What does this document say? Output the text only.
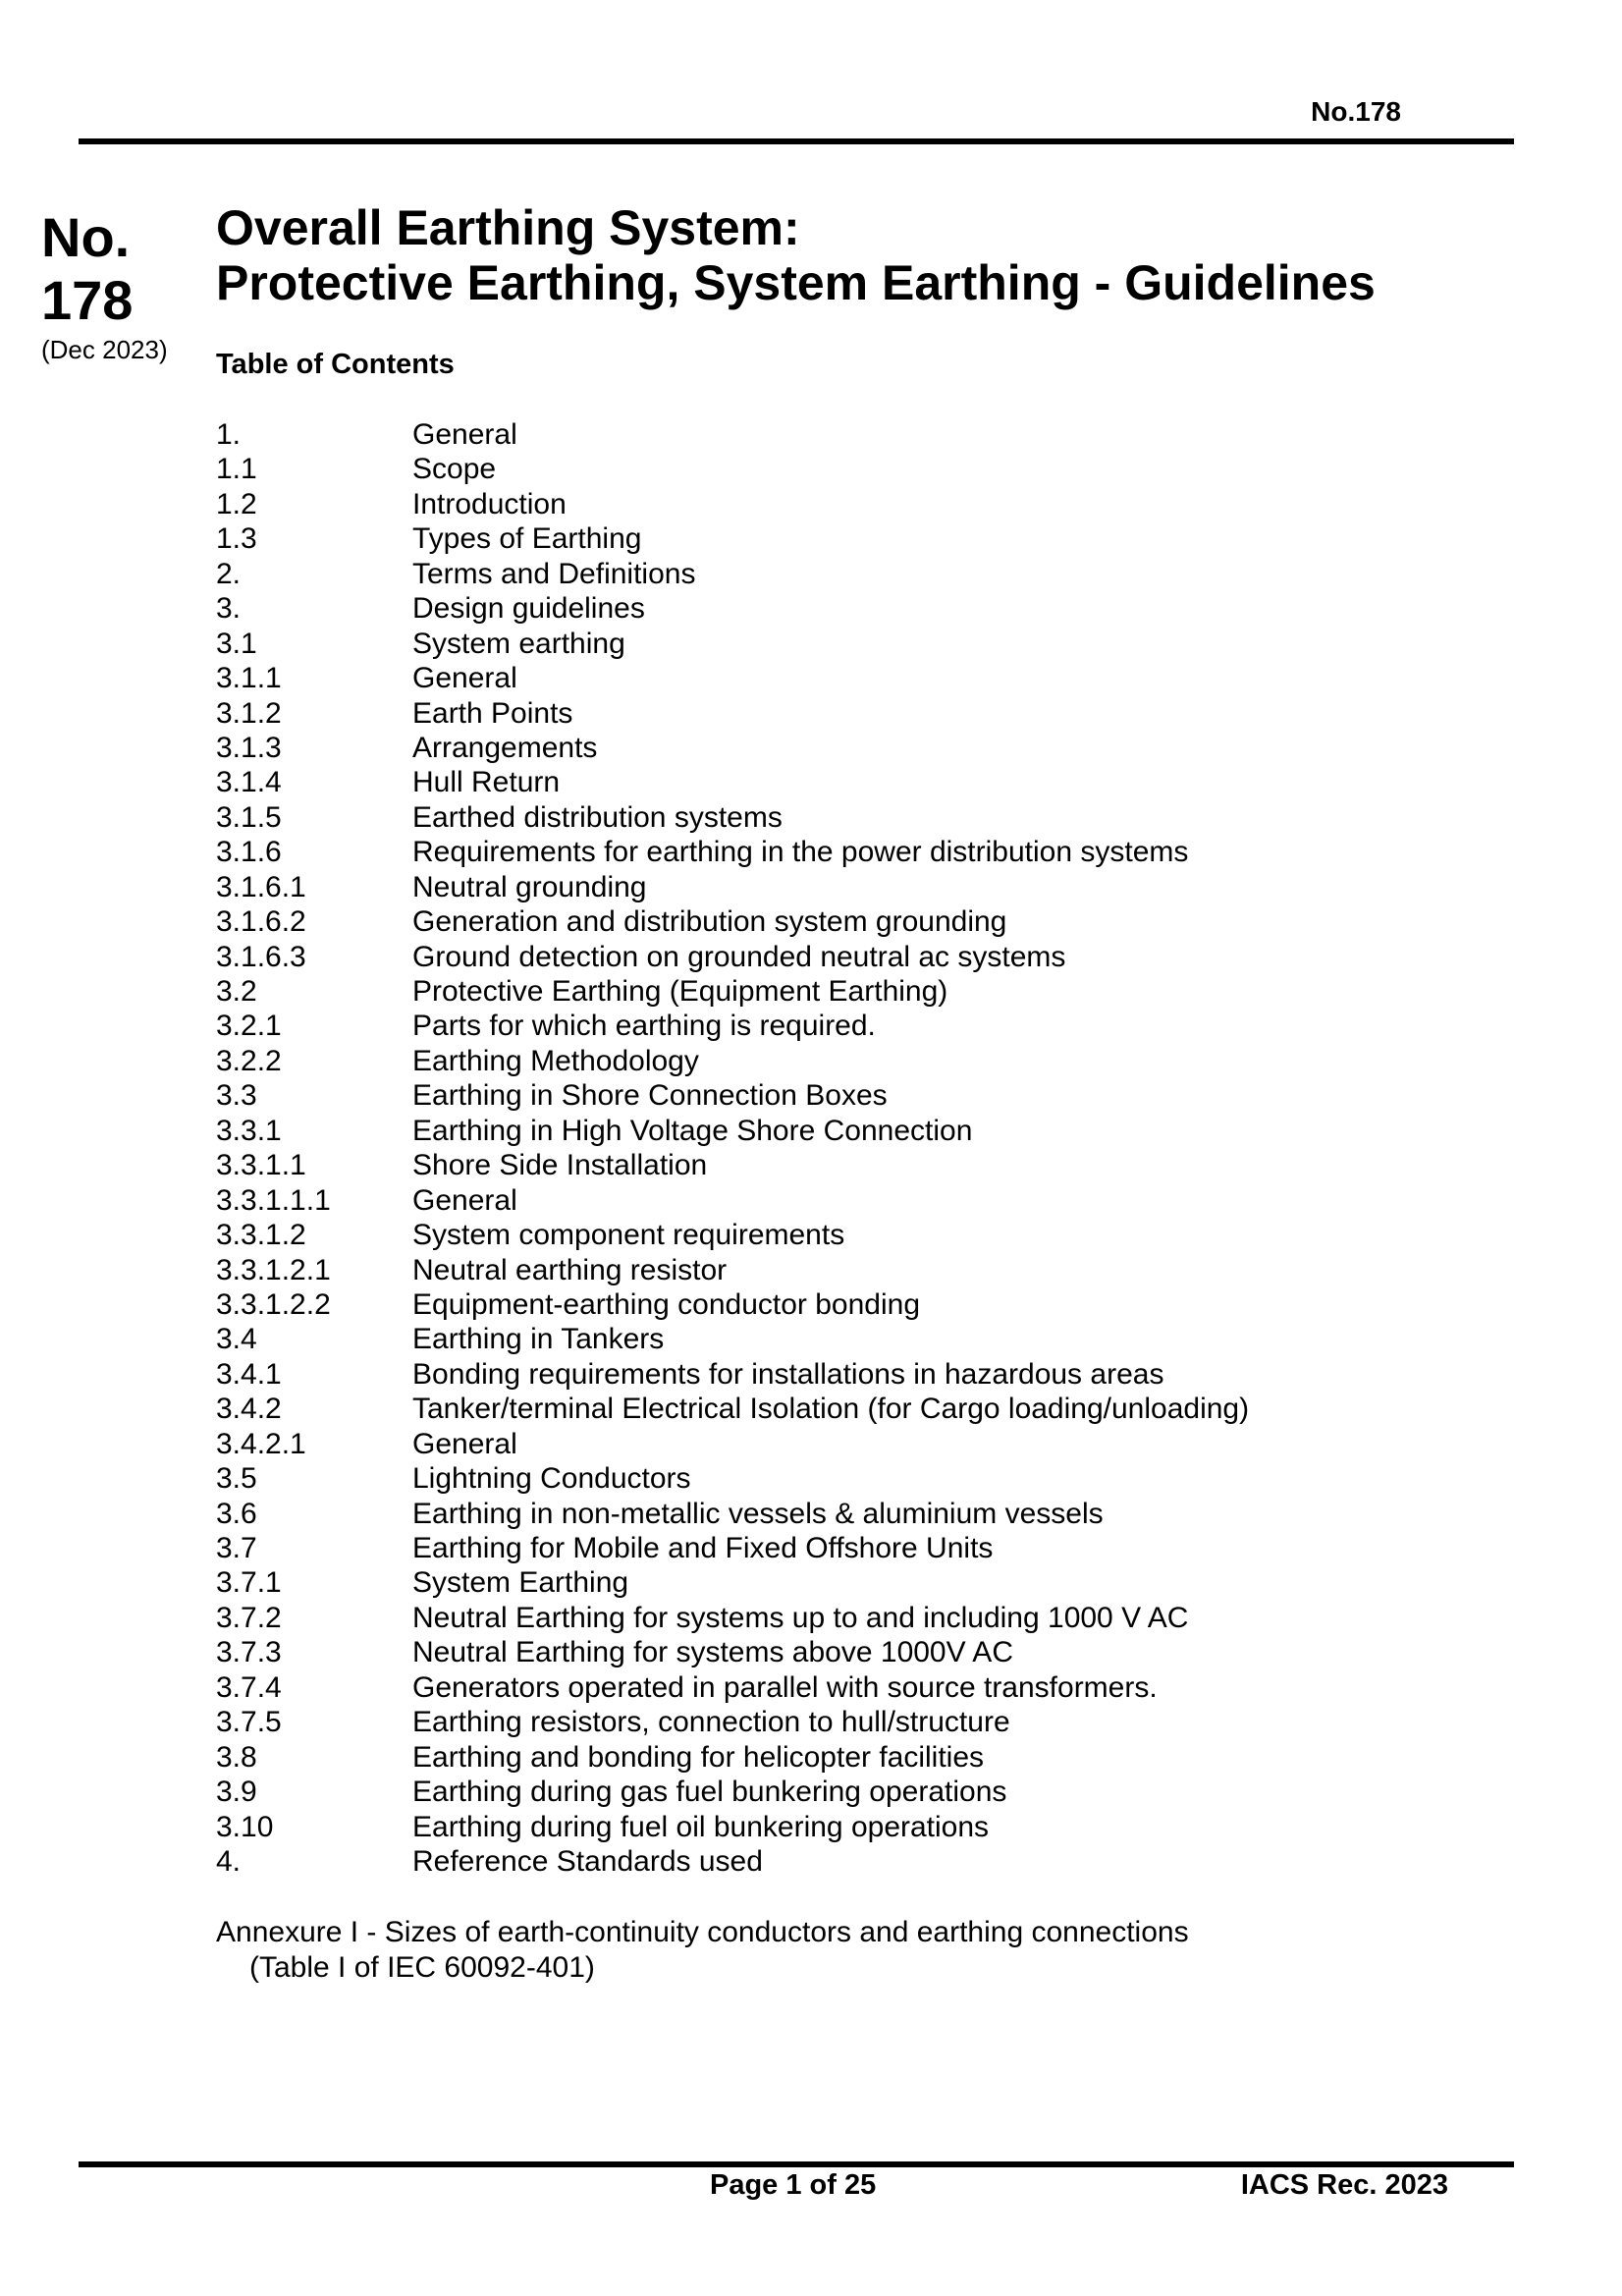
No.178
No.
178
(Dec 2023)
Overall Earthing System:
Protective Earthing, System Earthing - Guidelines
Table of Contents
1.	General
1.1	Scope
1.2	Introduction
1.3	Types of Earthing
2.	Terms and Definitions
3.	Design guidelines
3.1	System earthing
3.1.1	General
3.1.2	Earth Points
3.1.3	Arrangements
3.1.4	Hull Return
3.1.5	Earthed distribution systems
3.1.6	Requirements for earthing in the power distribution systems
3.1.6.1	Neutral grounding
3.1.6.2	Generation and distribution system grounding
3.1.6.3	Ground detection on grounded neutral ac systems
3.2	Protective Earthing (Equipment Earthing)
3.2.1	Parts for which earthing is required.
3.2.2	Earthing Methodology
3.3	Earthing in Shore Connection Boxes
3.3.1	Earthing in High Voltage Shore Connection
3.3.1.1	Shore Side Installation
3.3.1.1.1	General
3.3.1.2	System component requirements
3.3.1.2.1	Neutral earthing resistor
3.3.1.2.2	Equipment-earthing conductor bonding
3.4	Earthing in Tankers
3.4.1	Bonding requirements for installations in hazardous areas
3.4.2	Tanker/terminal Electrical Isolation (for Cargo loading/unloading)
3.4.2.1	General
3.5	Lightning Conductors
3.6	Earthing in non-metallic vessels & aluminium vessels
3.7	Earthing for Mobile and Fixed Offshore Units
3.7.1	System Earthing
3.7.2	Neutral Earthing for systems up to and including 1000 V AC
3.7.3	Neutral Earthing for systems above 1000V AC
3.7.4	Generators operated in parallel with source transformers.
3.7.5	Earthing resistors, connection to hull/structure
3.8	Earthing and bonding for helicopter facilities
3.9	Earthing during gas fuel bunkering operations
3.10	Earthing during fuel oil bunkering operations
4.	Reference Standards used
Annexure I - Sizes of earth-continuity conductors and earthing connections
(Table I of IEC 60092-401)
Page 1 of 25	IACS Rec. 2023
